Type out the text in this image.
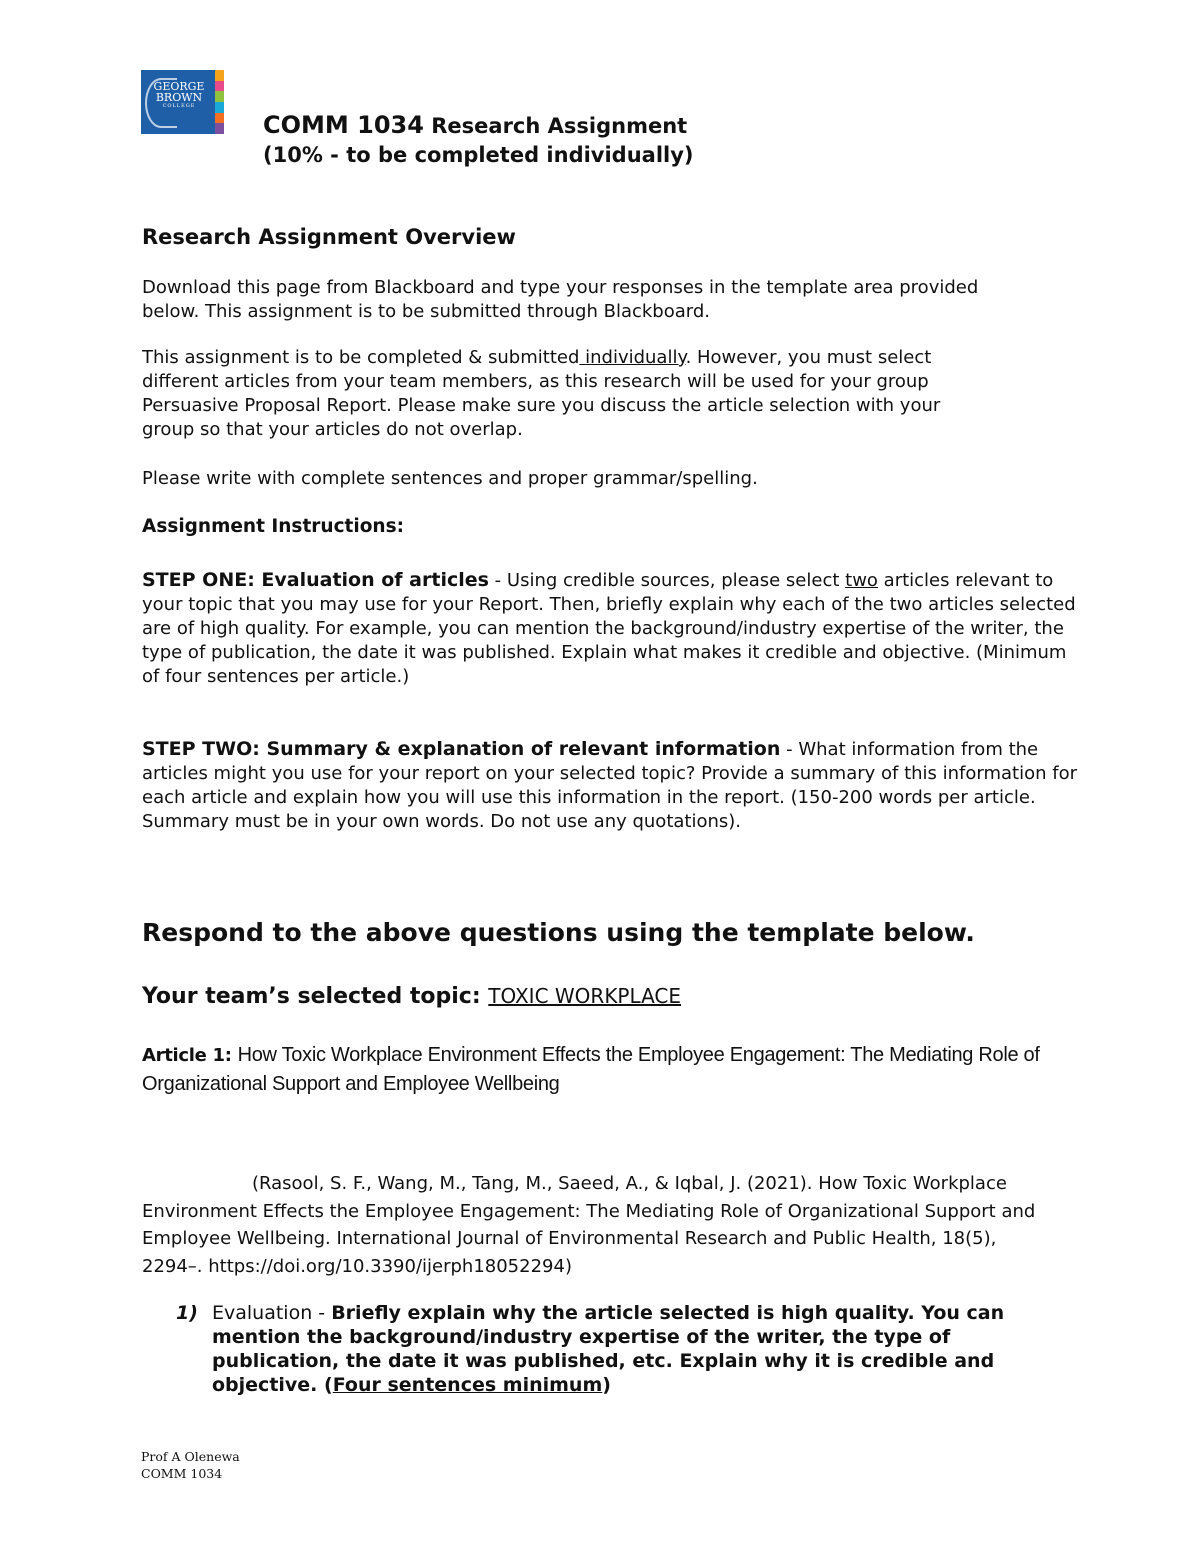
GEORGE
BROWN
COLLEGE
COMM 1034 Research Assignment
(10% - to be completed individually)
Research Assignment Overview
Download this page from Blackboard and type your responses in the template area provided
below. This assignment is to be submitted through Blackboard.
This assignment is to be completed & submitted individually. However, you must select
different articles from your team members, as this research will be used for your group
Persuasive Proposal Report. Please make sure you discuss the article selection with your
group so that your articles do not overlap.
Please write with complete sentences and proper grammar/spelling.
Assignment Instructions:
STEP ONE: Evaluation of articles - Using credible sources, please select two articles relevant to your topic that you may use for your Report. Then, briefly explain why each of the two articles selected are of high quality. For example, you can mention the background/industry expertise of the writer, the type of publication, the date it was published. Explain what makes it credible and objective. (Minimum of four sentences per article.)
STEP TWO: Summary & explanation of relevant information - What information from the articles might you use for your report on your selected topic? Provide a summary of this information for each article and explain how you will use this information in the report. (150-200 words per article. Summary must be in your own words. Do not use any quotations).
Respond to the above questions using the template below.
Your team’s selected topic: TOXIC WORKPLACE
Article 1: How Toxic Workplace Environment Effects the Employee Engagement: The Mediating Role of Organizational Support and Employee Wellbeing
(Rasool, S. F., Wang, M., Tang, M., Saeed, A., & Iqbal, J. (2021). How Toxic Workplace Environment Effects the Employee Engagement: The Mediating Role of Organizational Support and Employee Wellbeing. International Journal of Environmental Research and Public Health, 18(5), 2294–. https://doi.org/10.3390/ijerph18052294)
1) Evaluation - Briefly explain why the article selected is high quality. You can mention the background/industry expertise of the writer, the type of publication, the date it was published, etc. Explain why it is credible and objective. (Four sentences minimum)
Prof A Olenewa
COMM 1034
